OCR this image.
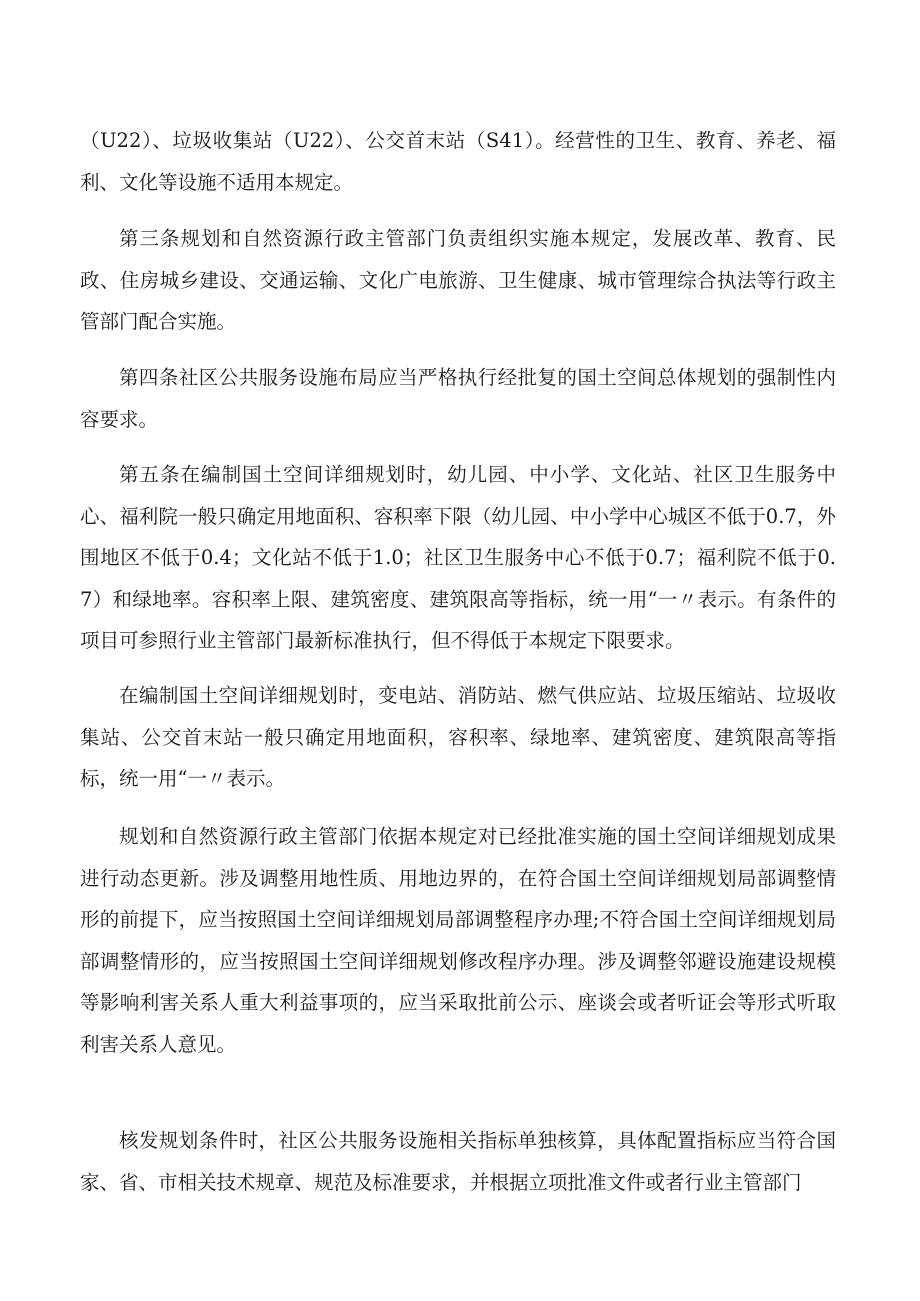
（U22）、垃圾收集站（U22）、公交首末站（S41）。经营性的卫生、教育、养老、福利、文化等设施不适用本规定。

第三条规划和自然资源行政主管部门负责组织实施本规定，发展改革、教育、民政、住房城乡建设、交通运输、文化广电旅游、卫生健康、城市管理综合执法等行政主管部门配合实施。

第四条社区公共服务设施布局应当严格执行经批复的国土空间总体规划的强制性内容要求。

第五条在编制国土空间详细规划时，幼儿园、中小学、文化站、社区卫生服务中心、福利院一般只确定用地面积、容积率下限（幼儿园、中小学中心城区不低于0.7，外围地区不低于0.4；文化站不低于1.0；社区卫生服务中心不低于0.7；福利院不低于0.7）和绿地率。容积率上限、建筑密度、建筑限高等指标，统一用“一〃表示。有条件的项目可参照行业主管部门最新标准执行，但不得低于本规定下限要求。

在编制国土空间详细规划时，变电站、消防站、燃气供应站、垃圾压缩站、垃圾收集站、公交首末站一般只确定用地面积，容积率、绿地率、建筑密度、建筑限高等指标，统一用“一〃表示。

规划和自然资源行政主管部门依据本规定对已经批准实施的国土空间详细规划成果进行动态更新。涉及调整用地性质、用地边界的，在符合国土空间详细规划局部调整情形的前提下，应当按照国土空间详细规划局部调整程序办理;不符合国土空间详细规划局部调整情形的，应当按照国土空间详细规划修改程序办理。涉及调整邻避设施建设规模等影响利害关系人重大利益事项的，应当采取批前公示、座谈会或者听证会等形式听取利害关系人意见。

核发规划条件时，社区公共服务设施相关指标单独核算，具体配置指标应当符合国家、省、市相关技术规章、规范及标准要求，并根据立项批准文件或者行业主管部门
